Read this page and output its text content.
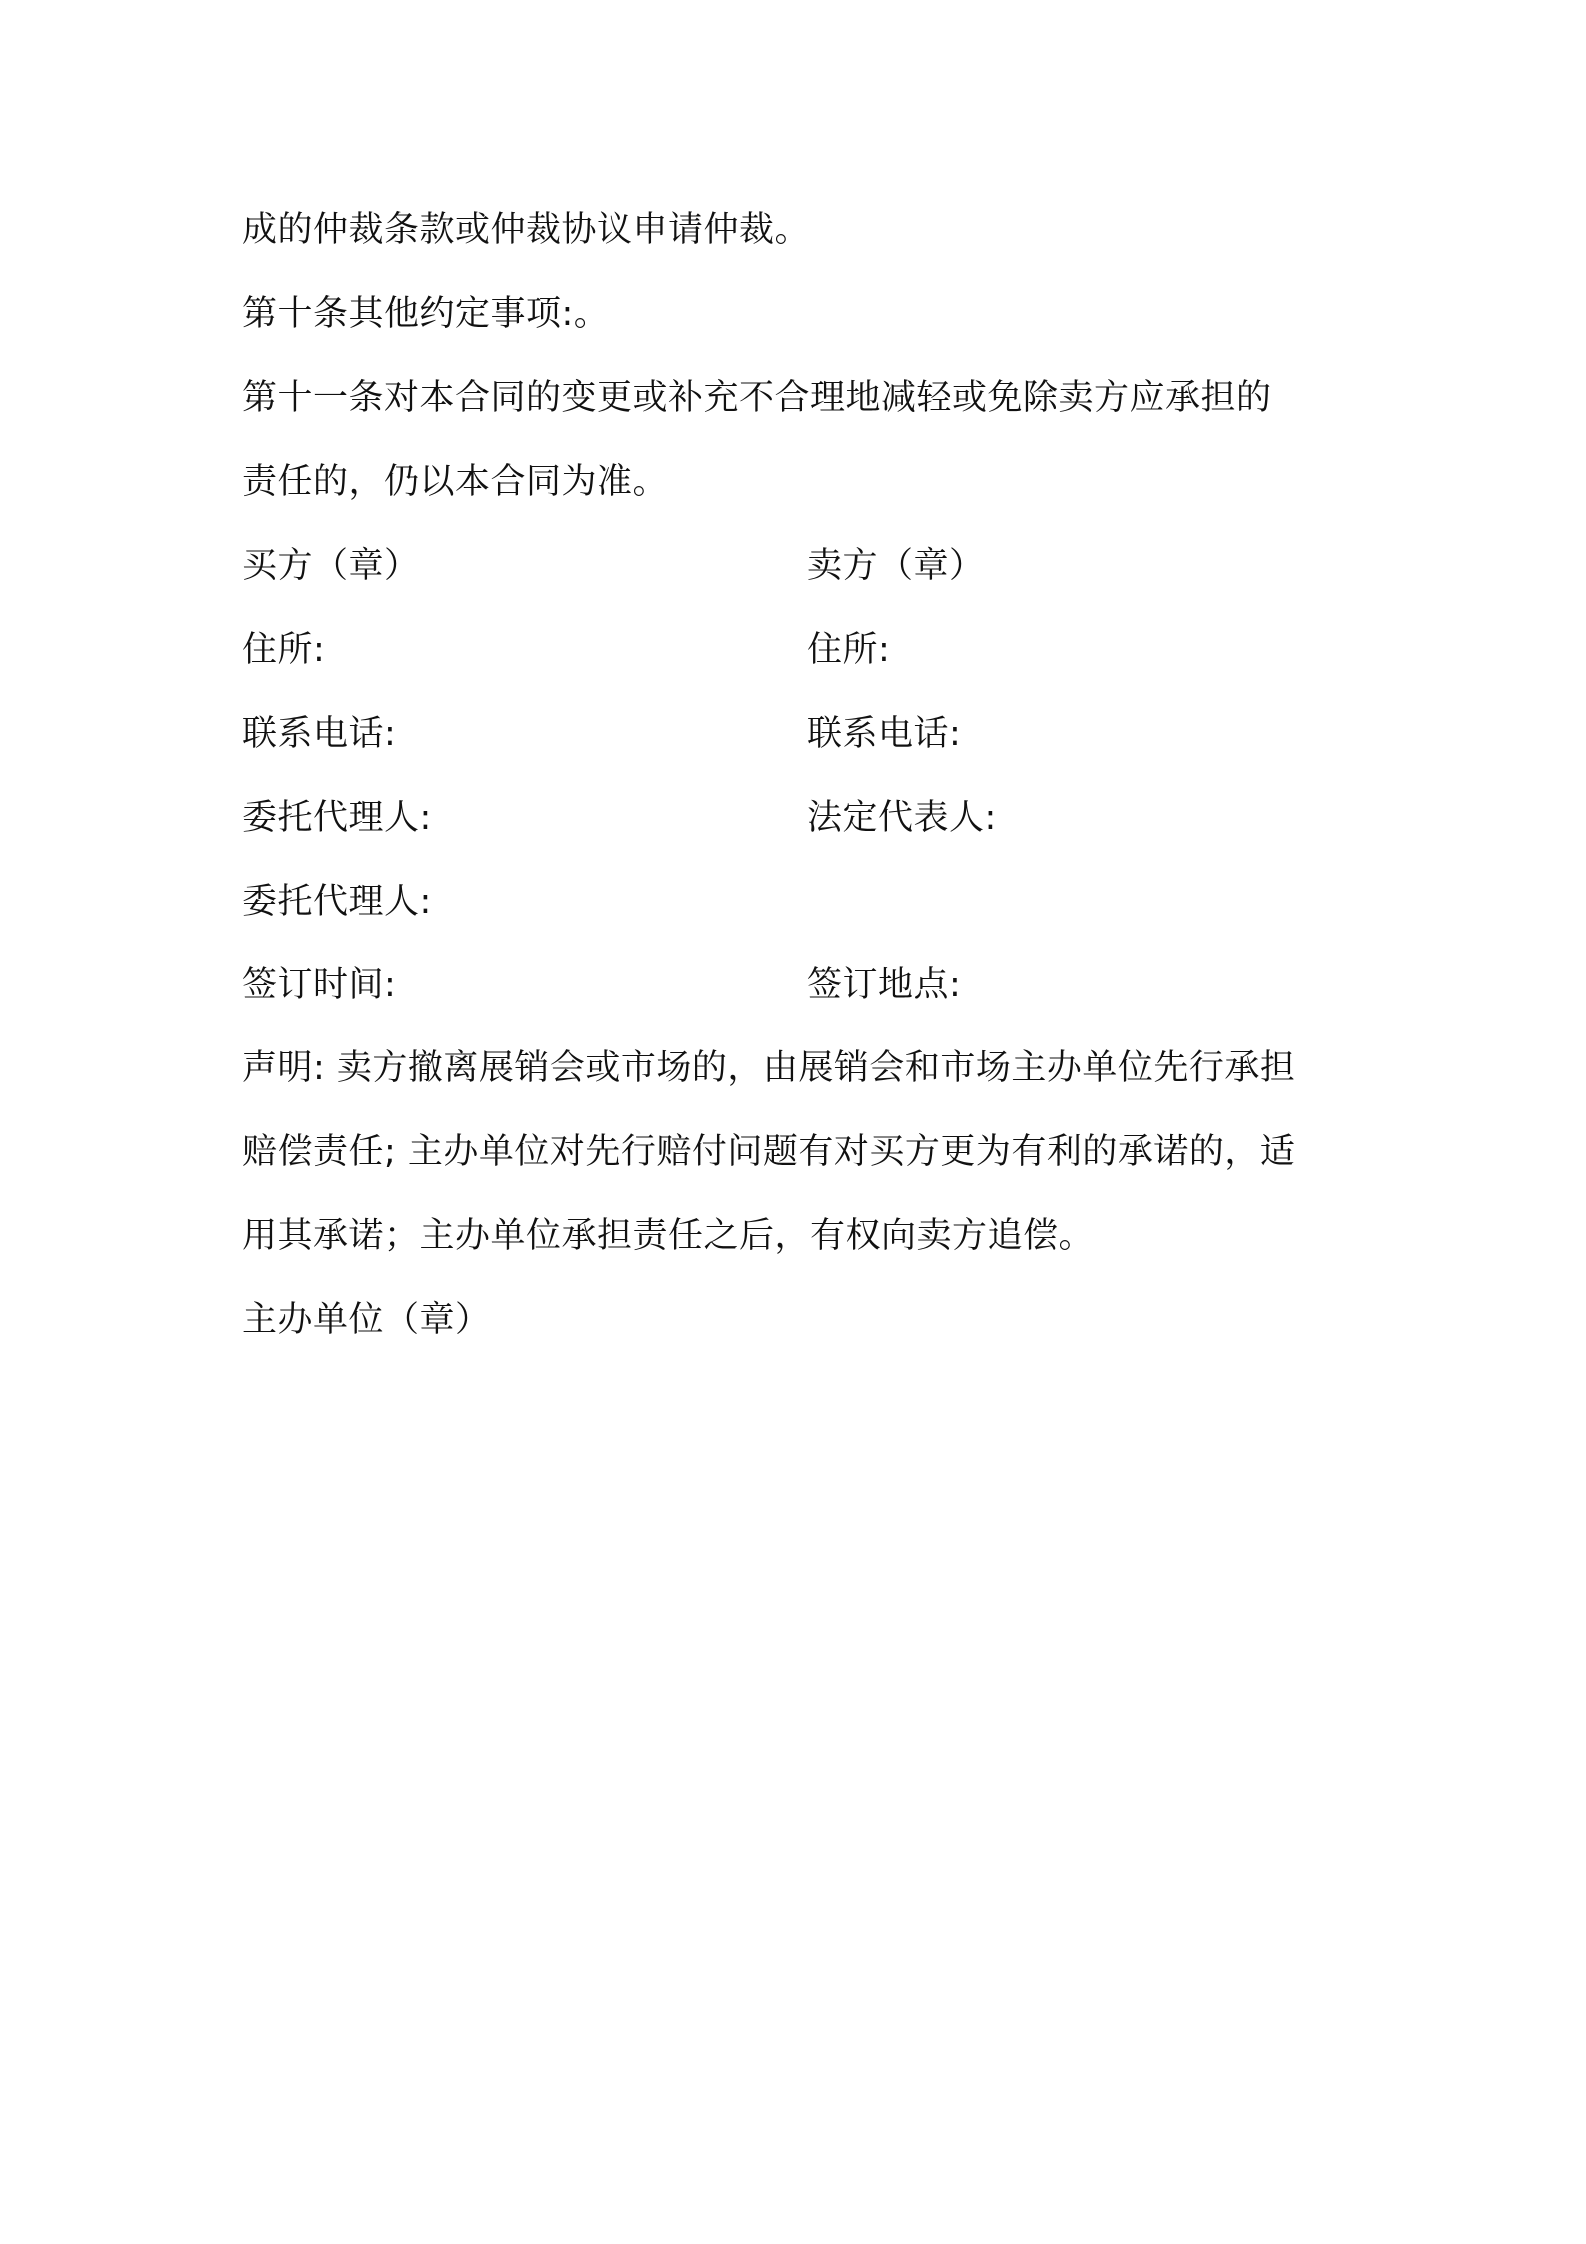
成的仲裁条款或仲裁协议申请仲裁。
第十条其他约定事项:。
第十一条对本合同的变更或补充不合理地减轻或免除卖方应承担的
责任的，仍以本合同为准。
买方（章）	卖方（章）
住所:	住所:
联系电话:	联系电话:
委托代理人:	法定代表人:
委托代理人:
签订时间:	签订地点:
声明: 卖方撤离展销会或市场的，由展销会和市场主办单位先行承担
赔偿责任; 主办单位对先行赔付问题有对买方更为有利的承诺的，适
用其承诺；主办单位承担责任之后，有权向卖方追偿。
主办单位（章）
